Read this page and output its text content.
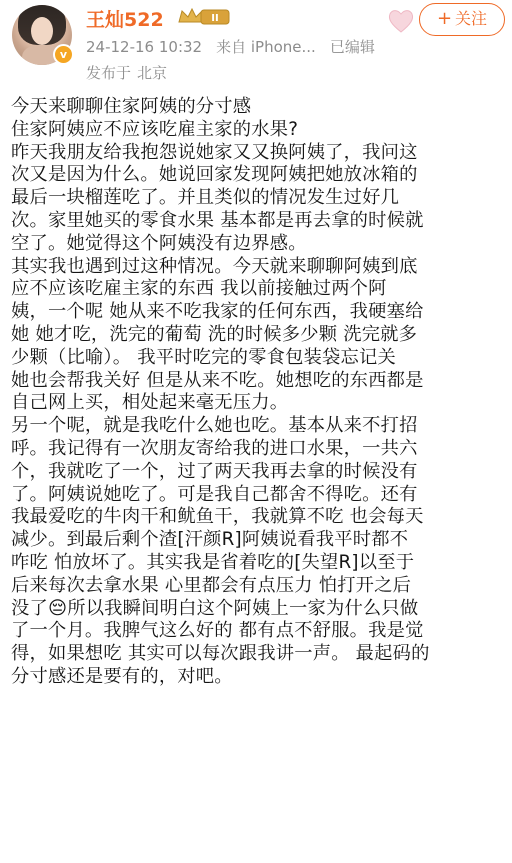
v
王灿522	II
24-12-16 10:32 来自 iPhone... 已编辑
发布于 北京
+ 关注

今天来聊聊住家阿姨的分寸感

住家阿姨应不应该吃雇主家的水果?

昨天我朋友给我抱怨说她家又又换阿姨了，我问这

次又是因为什么。她说回家发现阿姨把她放冰箱的

最后一块榴莲吃了。并且类似的情况发生过好几

次。家里她买的零食水果 基本都是再去拿的时候就

空了。她觉得这个阿姨没有边界感。

其实我也遇到过这种情况。今天就来聊聊阿姨到底

应不应该吃雇主家的东西 我以前接触过两个阿

姨，一个呢 她从来不吃我家的任何东西，我硬塞给

她 她才吃，洗完的葡萄 洗的时候多少颗 洗完就多

少颗（比喻）。 我平时吃完的零食包装袋忘记关

她也会帮我关好 但是从来不吃。她想吃的东西都是

自己网上买，相处起来毫无压力。

另一个呢，就是我吃什么她也吃。基本从来不打招

呼。我记得有一次朋友寄给我的进口水果，一共六

个，我就吃了一个，过了两天我再去拿的时候没有

了。阿姨说她吃了。可是我自己都舍不得吃。还有

我最爱吃的牛肉干和鱿鱼干，我就算不吃 也会每天

减少。到最后剩个渣[汗颜R]阿姨说看我平时都不

咋吃 怕放坏了。其实我是省着吃的[失望R]以至于

后来每次去拿水果 心里都会有点压力 怕打开之后

没了😔所以我瞬间明白这个阿姨上一家为什么只做

了一个月。我脾气这么好的 都有点不舒服。我是觉

得，如果想吃 其实可以每次跟我讲一声。 最起码的

分寸感还是要有的，对吧。
